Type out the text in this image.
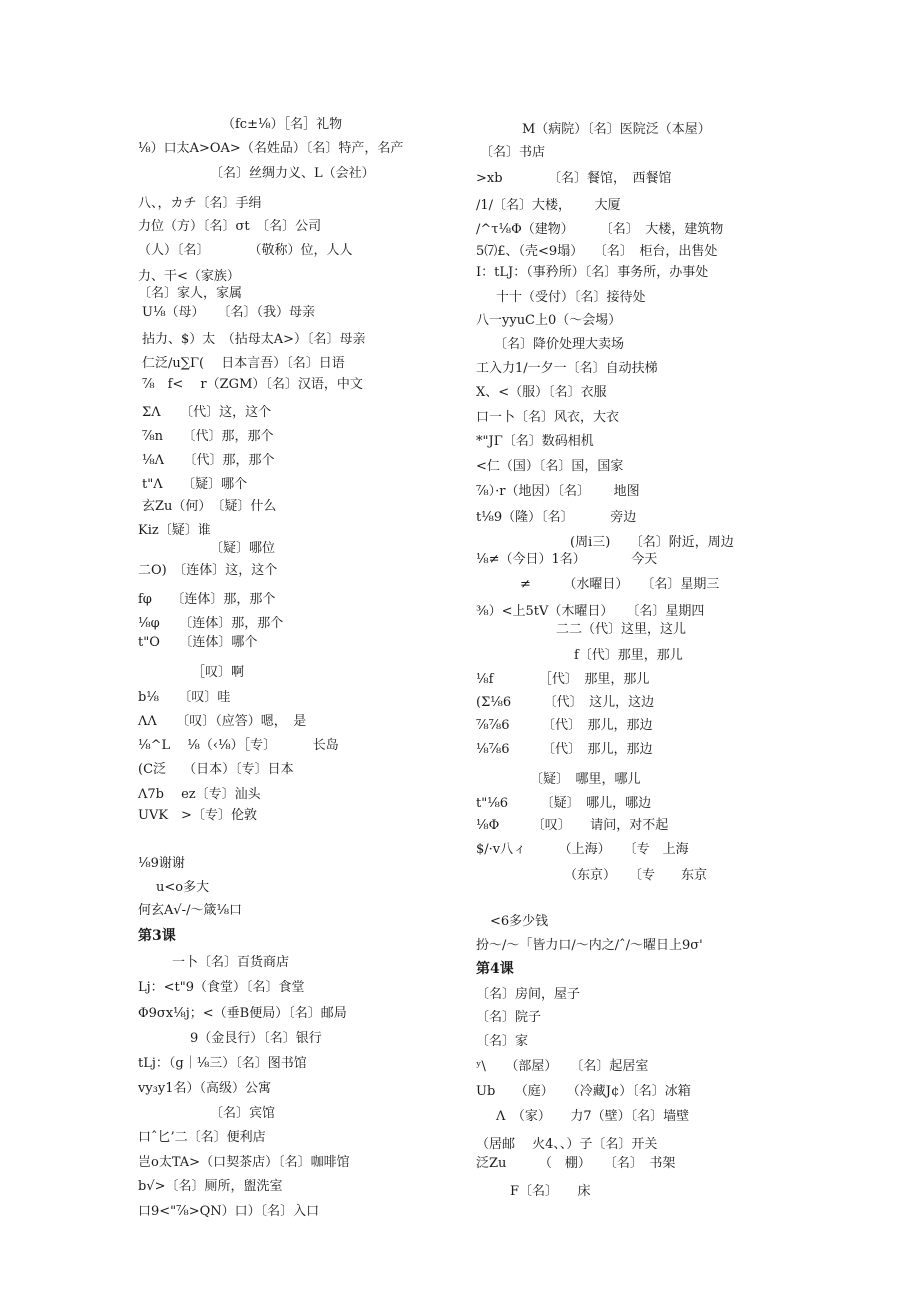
（fc±⅛）［名］礼物
⅛）口太A>OA>（名姓品）〔名〕特产，名产
〔名〕丝绸力义、L（会社）
八、，カチ〔名〕手绢
力位（方）〔名〕σt　〔名〕公司
（人）〔名〕　　　　（敬称）位，人人
力、干<（家族）
〔名〕家人，家属
U⅛（母）　　〔名〕（我）母亲
拈力、$）太　（拈母太A>）〔名〕母亲
仁泛/u∑Γ(　 日本言吾）〔名〕日语
⅞　f<　 r（ZGM）〔名〕汉语，中文
ΣΛ　　〔代〕这，这个
⅞n　　〔代〕那，那个
⅛Λ　　〔代〕那，那个
t"Λ　　〔疑〕哪个
玄Zu（何）　〔疑〕什么
Kiz〔疑〕谁
〔疑〕哪位
二O)　〔连体〕这，这个
fφ　　〔连体〕那，那个
⅛φ　　〔连体〕那，那个
t"O　　〔连体〕哪个
［叹〕啊
b⅛　　〔叹〕哇
ΛΛ　　〔叹〕（应答）嗯，　是
⅛^L　 ⅛（‹⅛）［专〕　　　 长岛
(C泛　 （日本）〔专〕日本
Λ7b　 ez〔专〕汕头
UVK　>〔专〕伦敦
⅛9谢谢
u<o多大
何玄A√-/〜箴⅛口
第3课
一卜〔名〕百货商店
Lj：<t"9（食堂）〔名〕食堂
Φ9σx⅛j；<（垂B便局）〔名〕邮局
9（金艮行）〔名〕银行
tLj：（g｜⅛三）〔名〕图书馆
vy₃y1名）（高级）公寓
〔名〕宾馆
口ˆ匕’二〔名〕便利店
岂o太TA>（口契茶店）〔名〕咖啡馆
b√>〔名〕厕所，盥洗室
口9<"⅞>QN）口）〔名〕入口
M（病院）〔名〕医院泛（本屋）
〔名〕书店
>xb　　　　〔名〕餐馆，　西餐馆
/1/〔名〕大楼，　　 大厦
/^τ⅛Φ（建物）　　　〔名〕　大楼，建筑物
5⑺£、（壳<9塌）　 〔名〕　柜台，出售处
I：tLJ：（事矜所）〔名〕事务所，办事处
十十（受付）〔名〕接待处
八一yyuC上0（〜会埸）
〔名〕降价处理大卖场
工入力1/一夕一〔名〕自动扶梯
X、<（服）〔名〕衣服
口一卜〔名〕风衣，大衣
*"JΓ〔名〕数码相机
<仁（国）〔名〕国，国家
⅞）·r（地因）〔名〕　　 地图
t⅛9（隆）〔名〕　　　 旁边
(周i三)　　〔名〕附近，周边
⅛≠（今日）1名）　　　　今天
≠　　　（水曜日）　　〔名〕星期三
⅜）<上5tⅤ（木曜日）　　〔名〕星期四
二二（代〕这里，这儿
f〔代〕那里，那儿
⅛f　　　　［代〕　那里，那儿
(Σ⅛6　　　〔代〕　这儿，这边
⅞⅞6　　　〔代〕　那儿，那边
⅛⅞6　　　〔代〕　那儿，那边
〔疑〕　哪里，哪儿
t"⅛6　　　〔疑〕　哪儿，哪边
⅛Φ　　　〔叹〕　　请问，对不起
$/·v八ィ　　　（上海）　　〔专　上海
（东京）　　〔专　　东京
<6多少钱
扮〜/〜「皆力口/〜内之/ˆ/〜曜日上9σ'
第4课
〔名〕房间，屋子
〔名〕院子
〔名〕家
ʸ\　　（部屋）　　〔名〕起居室
Ub　　（庭）　　（冷藏J¢）〔名〕冰箱
Λ　（家）　　力7（壁）〔名〕墙壁
（居邮　 火4、、）子〔名〕开关
泛Zu　　　（　棚）　　〔名〕　书架
F〔名〕　　床
